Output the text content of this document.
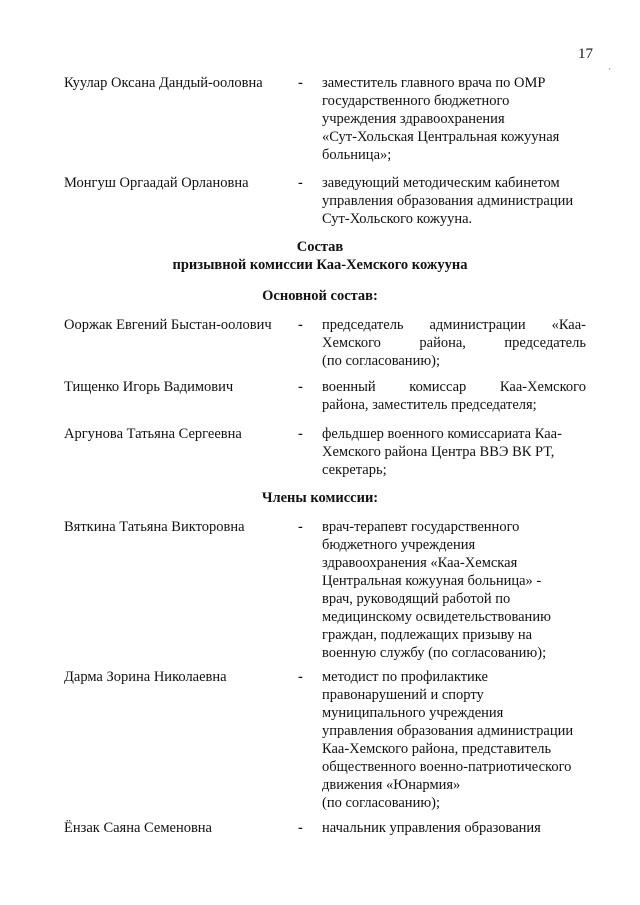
17
ˏ
Куулар Оксана Дандый-ооловна - заместитель главного врача по ОМР
государственного бюджетного
учреждения здравоохранения
«Сут-Хольская Центральная кожууная
больница»;
Монгуш Оргаадай Орлановна	- заведующий методическим кабинетом
управления образования администрации
Сут-Хольского кожууна.
Состав
призывной комиссии Каа-Хемского кожууна
Основной состав:
Ооржак Евгений Быстан-оолович - председатель администрации «Каа-
Хемского	района,	председатель
(по согласованию);
Тищенко Игорь Вадимович	- военный комиссар Каа-Хемского
района, заместитель председателя;
Аргунова Татьяна Сергеевна	- фельдшер военного комиссариата Каа-
Хемского района Центра ВВЭ ВК РТ,
секретарь;
Члены комиссии:
Вяткина Татьяна Викторовна	- врач-терапевт государственного
бюджетного учреждения
здравоохранения «Каа-Хемская
Центральная кожууная больница» -
врач, руководящий работой по
медицинскому освидетельствованию
граждан, подлежащих призыву на
военную службу (по согласованию);
Дарма Зорина Николаевна	- методист по профилактике
правонарушений и спорту
муниципального учреждения
управления образования администрации
Каа-Хемского района, представитель
общественного военно-патриотического
движения «Юнармия»
(по согласованию);
Ёнзак Саяна Семеновна	- начальник управления образования
